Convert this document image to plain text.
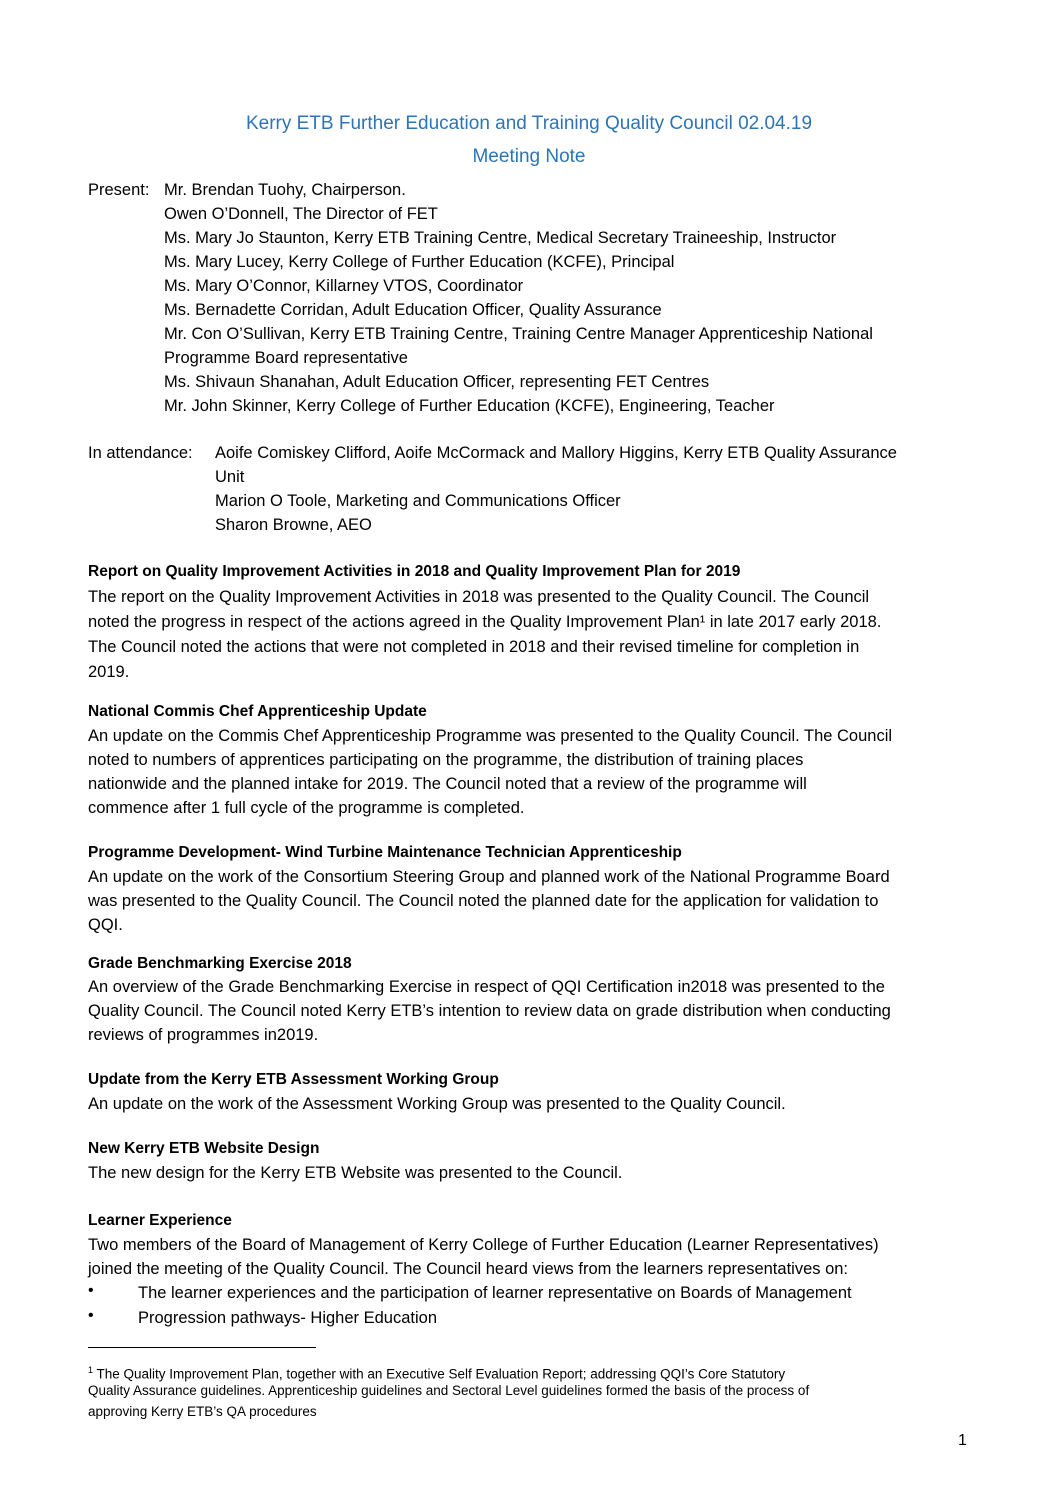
Kerry ETB Further Education and Training Quality Council 02.04.19
Meeting Note
Present: Mr. Brendan Tuohy, Chairperson.
Owen O’Donnell, The Director of FET
Ms. Mary Jo Staunton, Kerry ETB Training Centre, Medical Secretary Traineeship, Instructor
Ms. Mary Lucey, Kerry College of Further Education (KCFE), Principal
Ms. Mary O’Connor, Killarney VTOS, Coordinator
Ms. Bernadette Corridan, Adult Education Officer, Quality Assurance
Mr. Con O’Sullivan, Kerry ETB Training Centre, Training Centre Manager Apprenticeship National
Programme Board representative
Ms. Shivaun Shanahan, Adult Education Officer, representing FET Centres
Mr. John Skinner, Kerry College of Further Education (KCFE), Engineering, Teacher
In attendance: Aoife Comiskey Clifford, Aoife McCormack and Mallory Higgins, Kerry ETB Quality Assurance
Unit
Marion O Toole, Marketing and Communications Officer
Sharon Browne, AEO
Report on Quality Improvement Activities in 2018 and Quality Improvement Plan for 2019
The report on the Quality Improvement Activities in 2018 was presented to the Quality Council. The Council
noted the progress in respect of the actions agreed in the Quality Improvement Plan¹ in late 2017 early 2018.
The Council noted the actions that were not completed in 2018 and their revised timeline for completion in
2019.
National Commis Chef Apprenticeship Update
An update on the Commis Chef Apprenticeship Programme was presented to the Quality Council. The Council
noted to numbers of apprentices participating on the programme, the distribution of training places
nationwide and the planned intake for 2019. The Council noted that a review of the programme will
commence after 1 full cycle of the programme is completed.
Programme Development- Wind Turbine Maintenance Technician Apprenticeship
An update on the work of the Consortium Steering Group and planned work of the National Programme Board
was presented to the Quality Council. The Council noted the planned date for the application for validation to
QQI.
Grade Benchmarking Exercise 2018
An overview of the Grade Benchmarking Exercise in respect of QQI Certification in2018 was presented to the
Quality Council. The Council noted Kerry ETB’s intention to review data on grade distribution when conducting
reviews of programmes in2019.
Update from the Kerry ETB Assessment Working Group
An update on the work of the Assessment Working Group was presented to the Quality Council.
New Kerry ETB Website Design
The new design for the Kerry ETB Website was presented to the Council.
Learner Experience
Two members of the Board of Management of Kerry College of Further Education (Learner Representatives)
joined the meeting of the Quality Council. The Council heard views from the learners representatives on:
•	The learner experiences and the participation of learner representative on Boards of Management
•	Progression pathways- Higher Education
$^1$ The Quality Improvement Plan, together with an Executive Self Evaluation Report; addressing QQI’s Core Statutory
Quality Assurance guidelines. Apprenticeship guidelines and Sectoral Level guidelines formed the basis of the process of
approving Kerry ETB’s QA procedures
1
